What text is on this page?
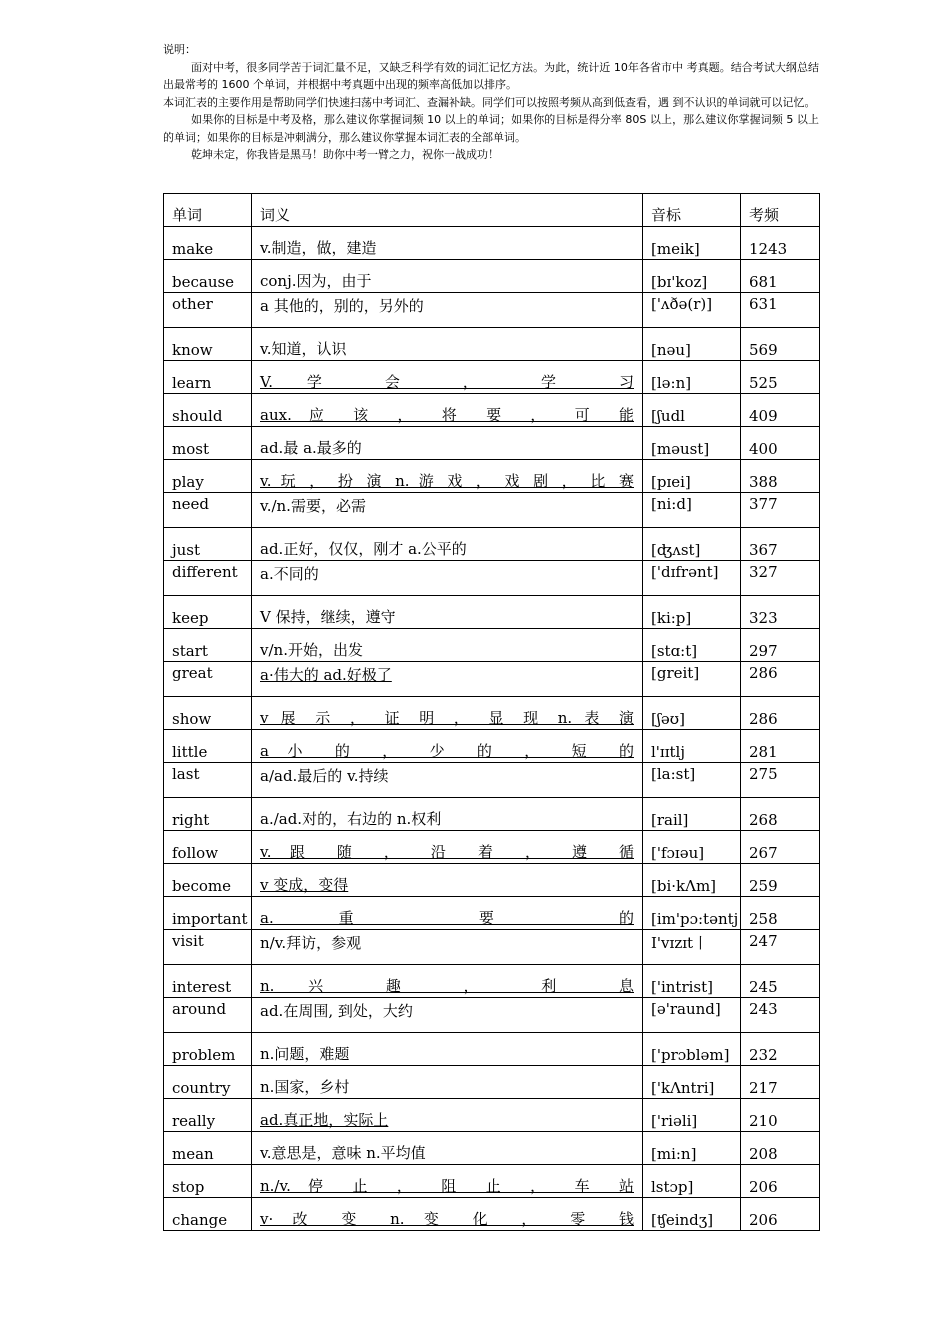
说明：

面对中考，很多同学苦于词汇量不足，又缺乏科学有效的词汇记忆方法。为此，统计近 10年各省市中 考真题。结合考试大纲总结出最常考的 1600 个单词，并根据中考真题中出现的频率高低加以排序。

本词汇表的主要作用是帮助同学们快速扫荡中考词汇、查漏补缺。同学们可以按照考频从高到低查看，遇 到不认识的单词就可以记忆。

如果你的目标是中考及格，那么建议你掌握词频 10 以上的单词；如果你的目标是得分率 80S 以上，那么建议你掌握词频 5 以上的单词；如果你的目标是冲刺满分，那么建议你掌握本词汇表的全部单词。

乾坤未定，你我皆是黑马！助你中考一臂之力，祝你一战成功！

单词	词义	音标	考频
make	v.制造，做，建造	[meik]	1243
because	conj.因为，由于	[bɪ'koz]	681
other	a 其他的，别的，另外的	['ʌðə(r)]	631
know	v.知道，认识	[nəu]	569
learn	V. 学 会 ， 学 习	[lə:n]	525
should	aux. 应 该 ， 将 要 ， 可 能	[ʃudl	409
most	ad.最 a.最多的	[məust]	400
play	v. 玩 ， 扮 演 n. 游 戏 ， 戏 剧 ， 比 赛	[pɪei]	388
need	v./n.需要，必需	[ni:d]	377
just	ad.正好，仅仅，刚才 a.公平的	[ʤʌst]	367
different	a.不同的	['dɪfrənt]	327
keep	V 保持，继续，遵守	[ki:p]	323
start	v∕n.开始，出发	[stɑ:t]	297
great	a·伟大的 ad.好极了	[greit]	286
show	v 展 示 ， 证 明 ， 显 现 n. 表 演	[ʃəʊ]	286
little	a 小 的 ， 少 的 ， 短 的	l'ɪɪtlj	281
last	a∕ad.最后的 v.持续	[la:st]	275
right	a./ad.对的，右边的 n.权利	[rail]	268
follow	v. 跟 随 ， 沿 着 ， 遵 循	['fɔɪəu]	267
become	v 变成，变得	[bi·kΛm]	259
important	a. 重 要 的	[im'pɔ:təntj	258
visit	n∕v.拜访，参观	I'vɪzɪt丨	247
interest	n. 兴 趣 ， 利 息	['intrist]	245
around	ad.在周围, 到处，大约	[ə'raund]	243
problem	n.问题，难题	['prɔbləm]	232
country	n.国家，乡村	['kΛntri]	217
really	ad.真正地，实际上	['riəli]	210
mean	v.意思是，意味 n.平均值	[mi:n]	208
stop	n./v. 停 止 ， 阻 止 ， 车 站	lstɔp]	206
change	v· 改 变 n. 变 化 ， 零 钱	[ʧeindʒ]	206
